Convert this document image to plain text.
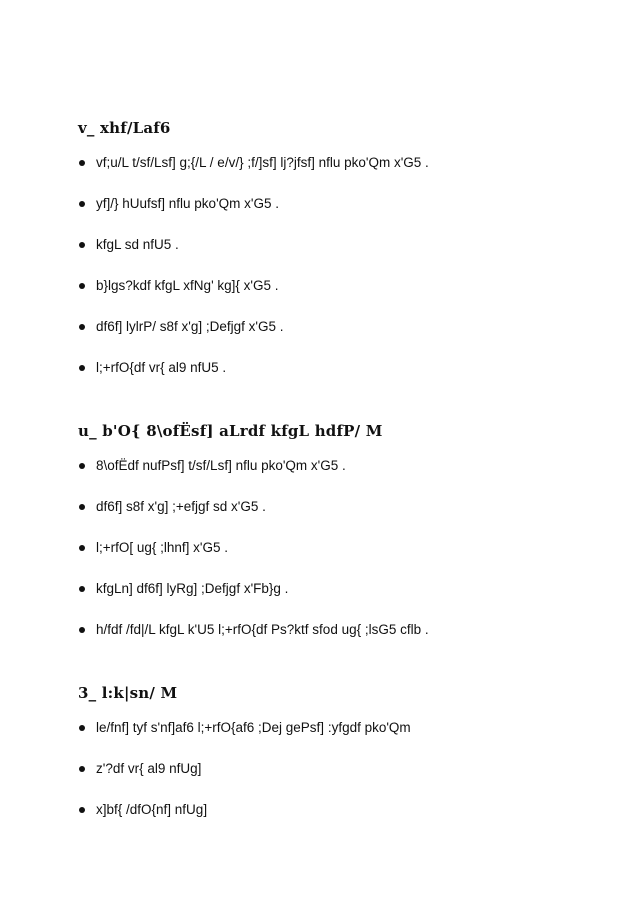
v_ xhf/Laf6
vf;u/L t/sf/Lsf] g;{/L / e/v/} ;f/]sf] lj?jfsf] nflu pko'Qm x'G5 .
yf]/} hUufsf] nflu pko'Qm x'G5 .
kfgL sd nfU5 .
b}lgs?kdf kfgL xfNg' kg]{ x'G5 .
df6f] lylrP/ s8f x'g] ;Defjgf x'G5 .
l;+rfO{df vr{ al9 nfU5 .
u_ b'O{ 8\ofËsf] aLrdf kfgL hdfP/ M
8\ofËdf nufPsf] t/sf/Lsf] nflu pko'Qm x'G5 .
df6f] s8f x'g] ;+efjgf sd x'G5 .
l;+rfO[ ug{ ;lhnf] x'G5 .
kfgLn] df6f] lyRg] ;Defjgf x'Fb}g .
h/fdf /fd|/L kfgL k'U5 l;+rfO{df Ps?ktf sfod ug{ ;lsG5 cflb .
3_ l:k|sn/ M
le/fnf] tyf s'nf]af6 l;+rfO{af6 ;Dej gePsf] :yfgdf pko'Qm
z'?df vr{ al9 nfUg]
x]bf{ /dfO{nf] nfUg]
